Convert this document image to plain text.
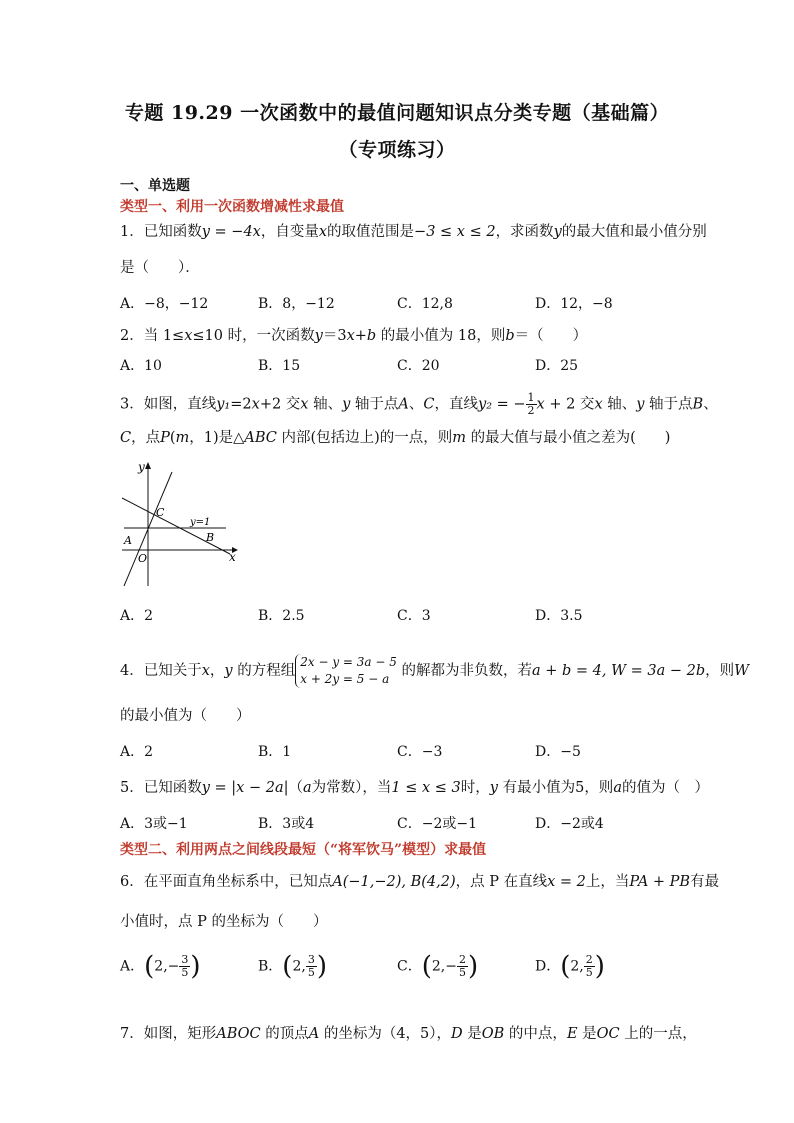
专题 19.29 一次函数中的最值问题知识点分类专题（基础篇）
（专项练习）
一、单选题
类型一、利用一次函数增减性求最值
1．已知函数y = −4x，自变量x的取值范围是−3 ≤ x ≤ 2，求函数y的最大值和最小值分别
是（　　）．
A．−8，−12	B．8，−12	C．12,8	D．12，−8
2．当 1≤x≤10 时，一次函数y＝3x+b 的最小值为 18，则b＝（　　）
A．10	B．15	C．20	D．25
3．如图，直线y₁=2x+2 交x 轴、y 轴于点A、C，直线y₂ = − $\frac{1}{2}$ x + 2 交x 轴、y 轴于点B、
C，点P(m，1)是△ABC 内部(包括边上)的一点，则m 的最大值与最小值之差为(　　)
y
x
O
A	B
C
y=1
A．2	B．2.5	C．3	D．3.5
4．已知关于x，y 的方程组
2x − y = 3a − 5
x + 2y = 5 − a 的解都为非负数，若a + b = 4, W = 3a − 2b，则W
的最小值为（　　）
A．2	B．1	C．−3	D．−5
5．已知函数y = |x − 2a|（a为常数），当1 ≤ x ≤ 3时，y 有最小值为5，则a的值为（　）
A．3或−1	B．3或4	C．−2或−1	D．−2或4
类型二、利用两点之间线段最短（“将军饮马”模型）求最值
6．在平面直角坐标系中，已知点A(−1,−2), B(4,2)，点 P 在直线x = 2上，当PA + PB有最
小值时，点 P 的坐标为（　　）
A．($2,- \frac{3}{5}$ )	B．(2, $\frac{3}{5}$ )	C．($2,- \frac{2}{5}$ )	D．(2, $\frac{2}{5}$ )
7．如图，矩形ABOC 的顶点A 的坐标为（4，5），D 是OB 的中点，E 是OC 上的一点，
